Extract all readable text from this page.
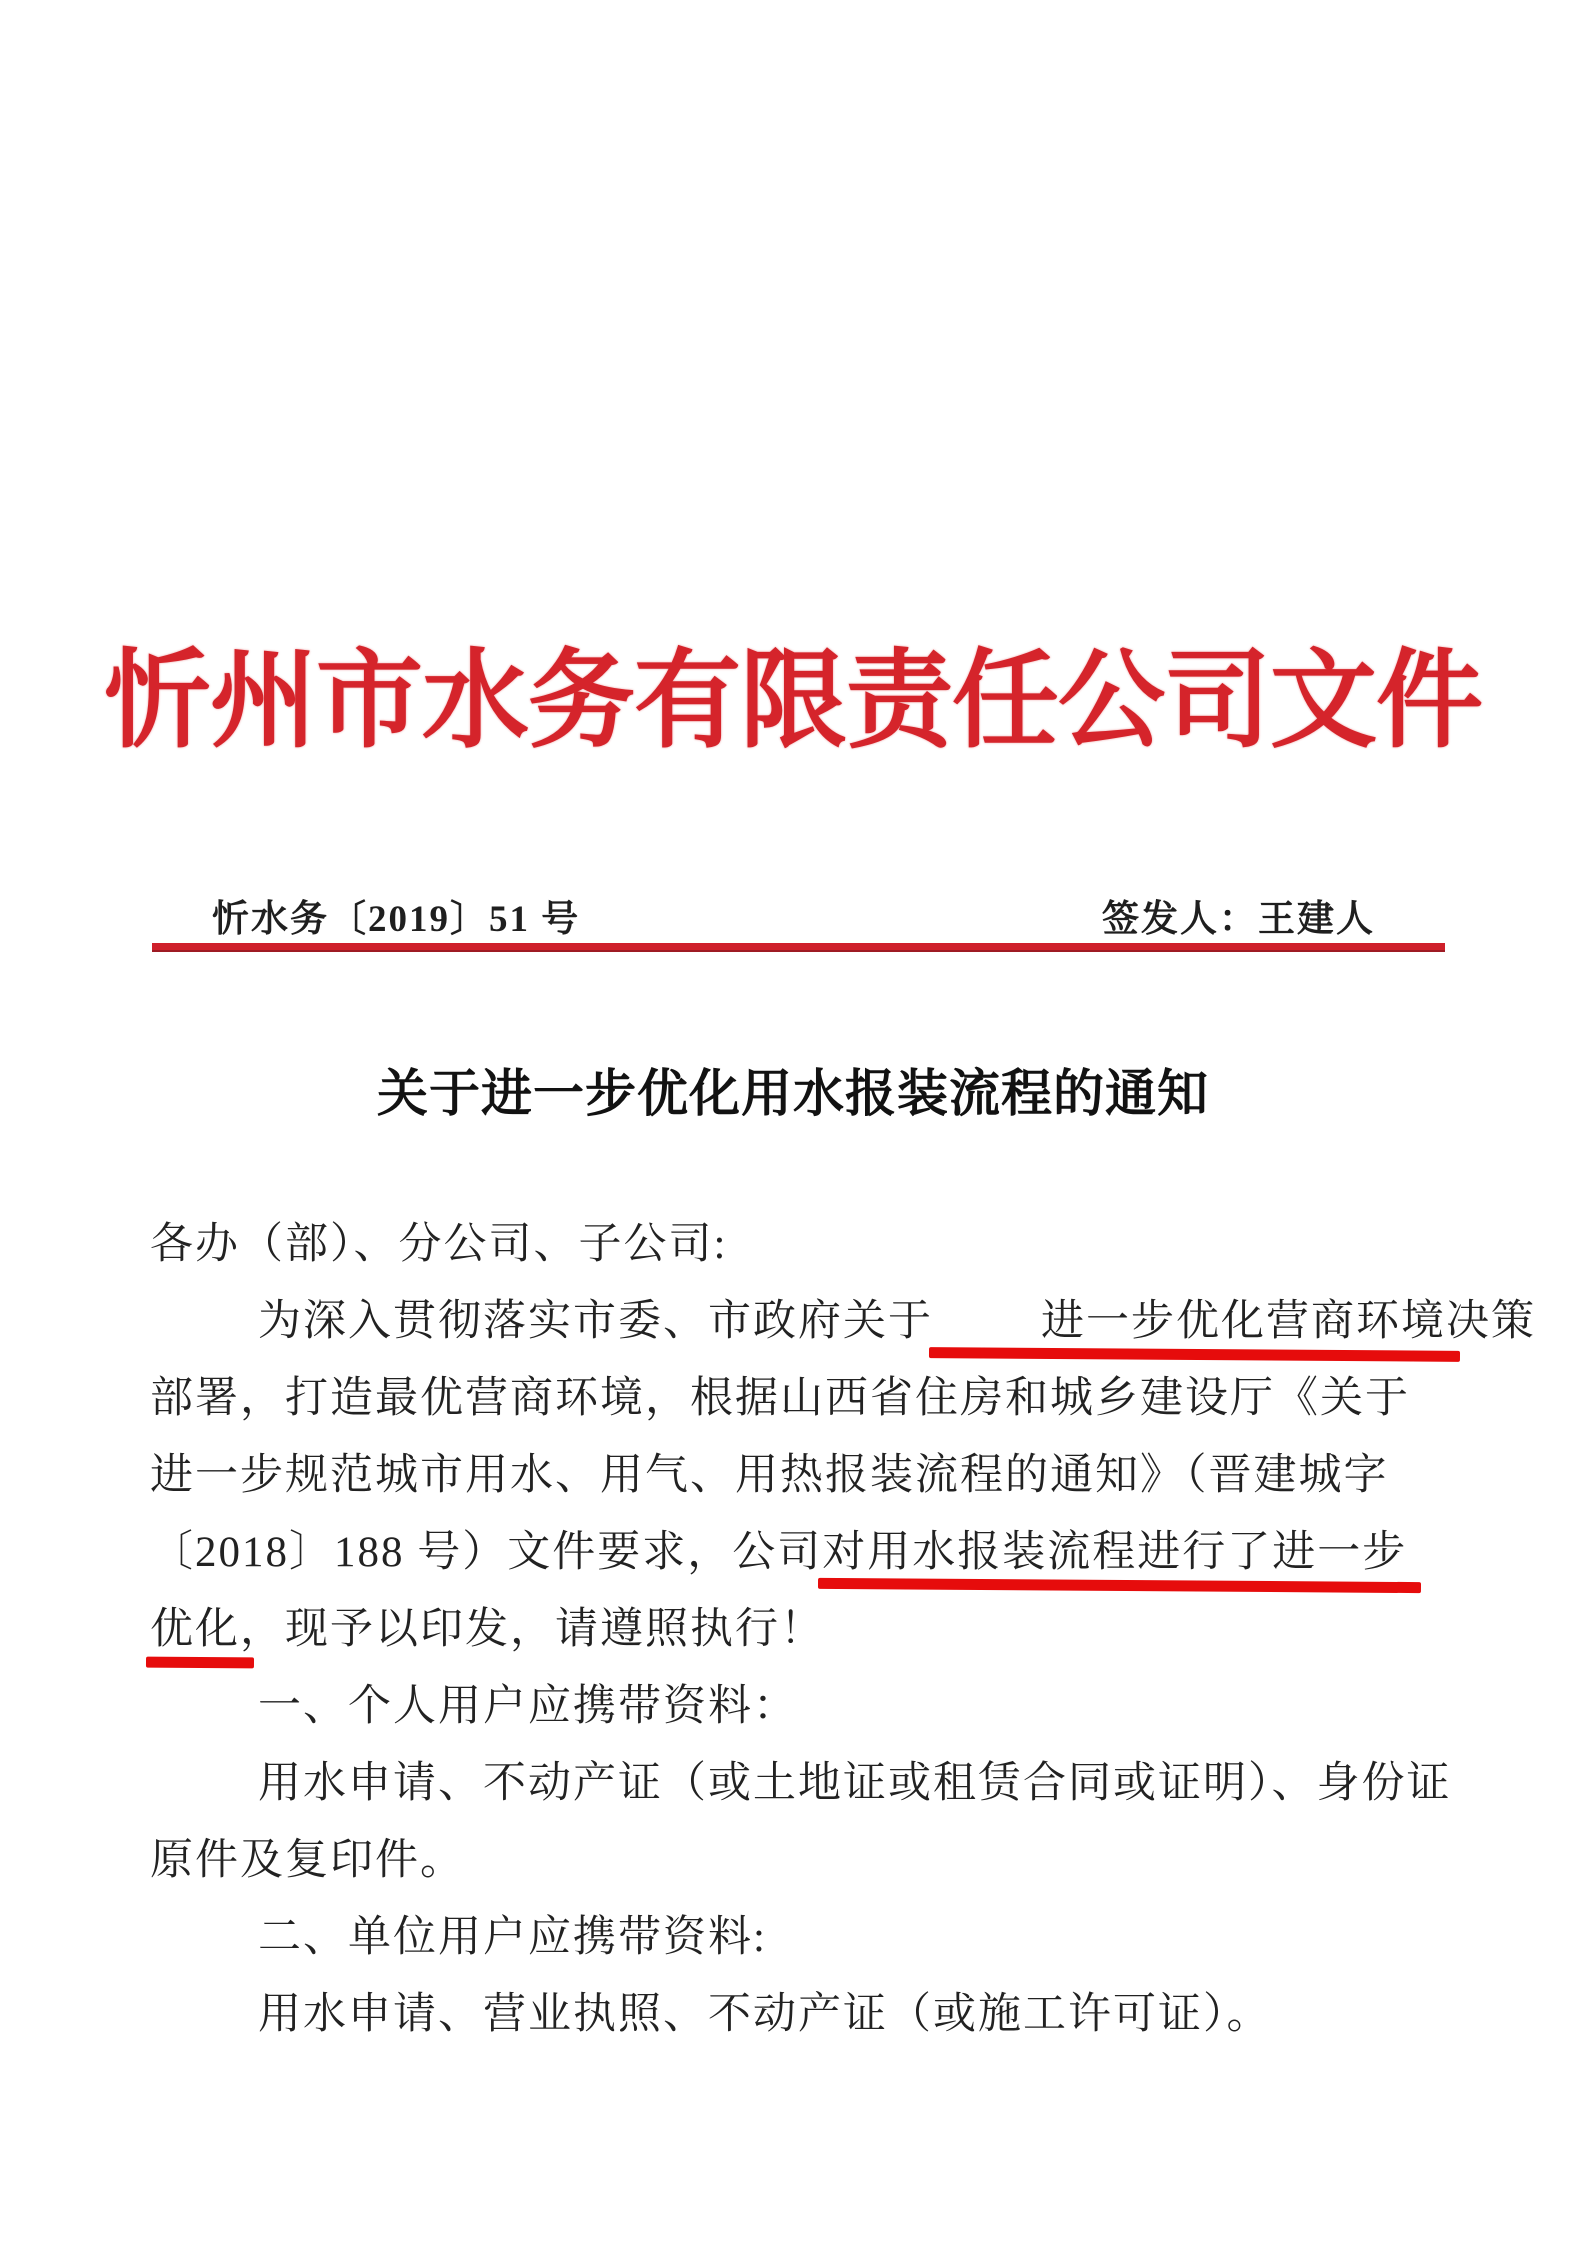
忻州市水务有限责任公司文件
忻水务〔2019〕51 号	签发人：王建人
关于进一步优化用水报装流程的通知
各办（部）、分公司、子公司:
为深入贯彻落实市委、市政府关于	进一步优化营商环境决策
部署，打造最优营商环境，根据山西省住房和城乡建设厅《关于
进一步规范城市用水、用气、用热报装流程的通知》（晋建城字
〔2018〕188 号）文件要求，公司对用水报装流程进行了进一步
优化，现予以印发，请遵照执行！
一、个人用户应携带资料：
用水申请、不动产证（或土地证或租赁合同或证明）、身份证
原件及复印件。
二、单位用户应携带资料:
用水申请、营业执照、不动产证（或施工许可证）。
